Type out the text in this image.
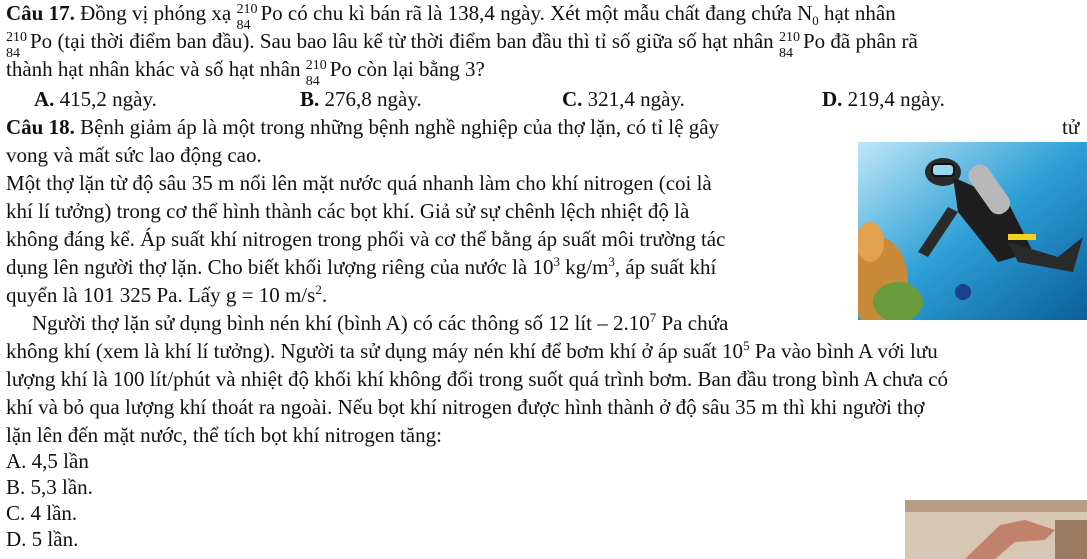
Câu 17. Đồng vị phóng xạ 210
84
Po có chu kì bán rã là 138,4 ngày. Xét một mẫu chất đang chứa $N_0$ hạt nhân
210
84
Po (tại thời điểm ban đầu). Sau bao lâu kể từ thời điểm ban đầu thì tỉ số giữa số hạt nhân 210
84
Po đã phân rã
thành hạt nhân khác và số hạt nhân 210
84
Po còn lại bằng 3?
A. 415,2 ngày.	B. 276,8 ngày.	C. 321,4 ngày.	D. 219,4 ngày.
Câu 18. Bệnh giảm áp là một trong những bệnh nghề nghiệp của thợ lặn, có tỉ lệ gây	tử
vong và mất sức lao động cao.
Một thợ lặn từ độ sâu 35 m nổi lên mặt nước quá nhanh làm cho khí nitrogen (coi là
khí lí tưởng) trong cơ thể hình thành các bọt khí. Giả sử sự chênh lệch nhiệt độ là
không đáng kể. Áp suất khí nitrogen trong phổi và cơ thể bằng áp suất môi trường tác
dụng lên người thợ lặn. Cho biết khối lượng riêng của nước là $10^3$ $kg/m^3$, áp suất khí
quyển là 101 325 Pa. Lấy g = 10 $m/s^2$.
Người thợ lặn sử dụng bình nén khí (bình A) có các thông số 12 lít – 2.10$^7$ Pa chứa
không khí (xem là khí lí tưởng). Người ta sử dụng máy nén khí để bơm khí ở áp suất $10^5$ Pa vào bình A với lưu
lượng khí là 100 lít/phút và nhiệt độ khối khí không đổi trong suốt quá trình bơm. Ban đầu trong bình A chưa có
khí và bỏ qua lượng khí thoát ra ngoài. Nếu bọt khí nitrogen được hình thành ở độ sâu 35 m thì khi người thợ
lặn lên đến mặt nước, thể tích bọt khí nitrogen tăng:
A. 4,5 lần
B. 5,3 lần.
C. 4 lần.
D. 5 lần.
